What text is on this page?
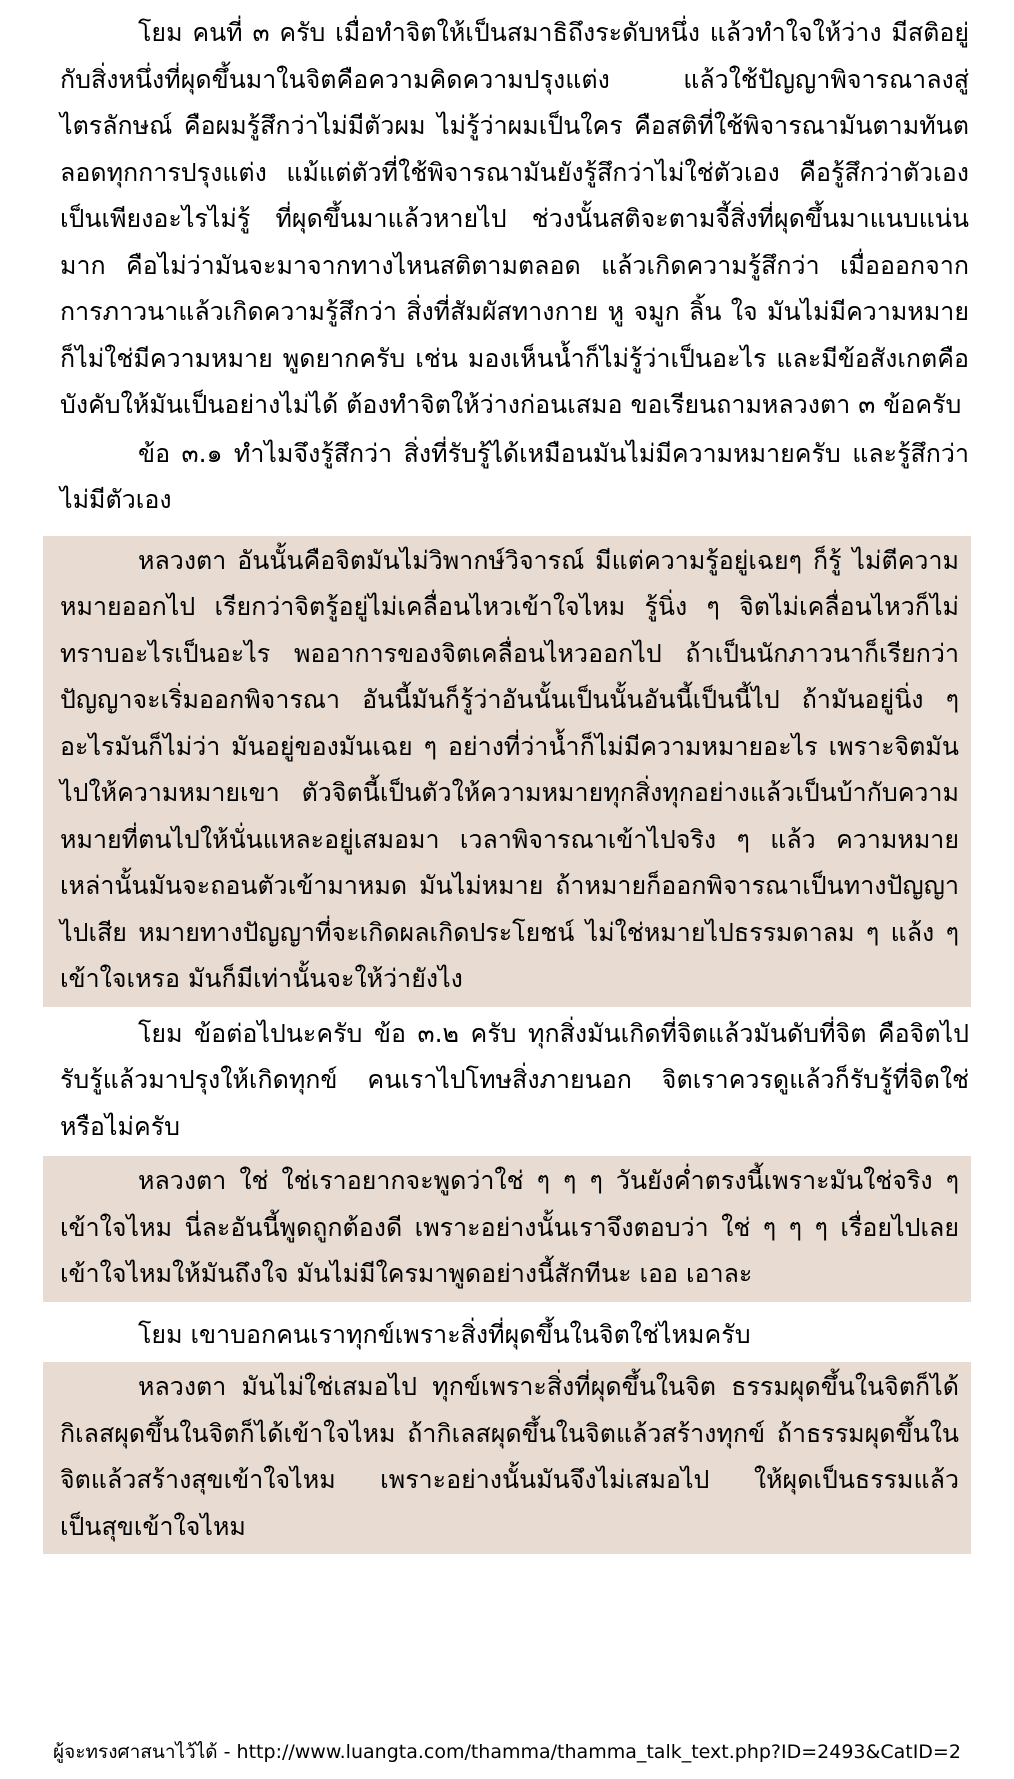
โยม คนที่ ๓ ครับ เมื่อทำจิตให้เป็นสมาธิถึงระดับหนึ่ง แล้วทำใจให้ว่าง มีสติอยู่กับสิ่งหนึ่งที่ผุดขึ้นมาในจิตคือความคิดความปรุงแต่ง แล้วใช้ปัญญาพิจารณาลงสู่ไตรลักษณ์ คือผมรู้สึกว่าไม่มีตัวผม ไม่รู้ว่าผมเป็นใคร คือสติที่ใช้พิจารณามันตามทันตลอดทุกการปรุงแต่ง แม้แต่ตัวที่ใช้พิจารณามันยังรู้สึกว่าไม่ใช่ตัวเอง คือรู้สึกว่าตัวเองเป็นเพียงอะไรไม่รู้ ที่ผุดขึ้นมาแล้วหายไป ช่วงนั้นสติจะตามจี้สิ่งที่ผุดขึ้นมาแนบแน่นมาก คือไม่ว่ามันจะมาจากทางไหนสติตามตลอด แล้วเกิดความรู้สึกว่า เมื่อออกจากการภาวนาแล้วเกิดความรู้สึกว่า สิ่งที่สัมผัสทางกาย หู จมูก ลิ้น ใจ มันไม่มีความหมายก็ไม่ใช่มีความหมาย พูดยากครับ เช่น มองเห็นน้ำก็ไม่รู้ว่าเป็นอะไร และมีข้อสังเกตคือบังคับให้มันเป็นอย่างไม่ได้ ต้องทำจิตให้ว่างก่อนเสมอ ขอเรียนถามหลวงตา ๓ ข้อครับ

ข้อ ๓.๑ ทำไมจึงรู้สึกว่า สิ่งที่รับรู้ได้เหมือนมันไม่มีความหมายครับ และรู้สึกว่าไม่มีตัวเอง

หลวงตา อันนั้นคือจิตมันไม่วิพากษ์วิจารณ์ มีแต่ความรู้อยู่เฉยๆ ก็รู้ ไม่ตีความหมายออกไป เรียกว่าจิตรู้อยู่ไม่เคลื่อนไหวเข้าใจไหม รู้นิ่ง ๆ จิตไม่เคลื่อนไหวก็ไม่ทราบอะไรเป็นอะไร พออาการของจิตเคลื่อนไหวออกไป ถ้าเป็นนักภาวนาก็เรียกว่าปัญญาจะเริ่มออกพิจารณา อันนี้มันก็รู้ว่าอันนั้นเป็นนั้นอันนี้เป็นนี้ไป ถ้ามันอยู่นิ่ง ๆ อะไรมันก็ไม่ว่า มันอยู่ของมันเฉย ๆ อย่างที่ว่าน้ำก็ไม่มีความหมายอะไร เพราะจิตมันไปให้ความหมายเขา ตัวจิตนี้เป็นตัวให้ความหมายทุกสิ่งทุกอย่างแล้วเป็นบ้ากับความหมายที่ตนไปให้นั่นแหละอยู่เสมอมา เวลาพิจารณาเข้าไปจริง ๆ แล้ว ความหมายเหล่านั้นมันจะถอนตัวเข้ามาหมด มันไม่หมาย ถ้าหมายก็ออกพิจารณาเป็นทางปัญญาไปเสีย หมายทางปัญญาที่จะเกิดผลเกิดประโยชน์ ไม่ใช่หมายไปธรรมดาลม ๆ แล้ง ๆ เข้าใจเหรอ มันก็มีเท่านั้นจะให้ว่ายังไง

โยม ข้อต่อไปนะครับ ข้อ ๓.๒ ครับ ทุกสิ่งมันเกิดที่จิตแล้วมันดับที่จิต คือจิตไปรับรู้แล้วมาปรุงให้เกิดทุกข์ คนเราไปโทษสิ่งภายนอก จิตเราควรดูแล้วก็รับรู้ที่จิตใช่หรือไม่ครับ

หลวงตา ใช่ ใช่เราอยากจะพูดว่าใช่ ๆ ๆ ๆ วันยังค่ำตรงนี้เพราะมันใช่จริง ๆ เข้าใจไหม นี่ละอันนี้พูดถูกต้องดี เพราะอย่างนั้นเราจึงตอบว่า ใช่ ๆ ๆ ๆ เรื่อยไปเลยเข้าใจไหมให้มันถึงใจ มันไม่มีใครมาพูดอย่างนี้สักทีนะ เออ เอาละ

โยม เขาบอกคนเราทุกข์เพราะสิ่งที่ผุดขึ้นในจิตใช่ไหมครับ

หลวงตา มันไม่ใช่เสมอไป ทุกข์เพราะสิ่งที่ผุดขึ้นในจิต ธรรมผุดขึ้นในจิตก็ได้ กิเลสผุดขึ้นในจิตก็ได้เข้าใจไหม ถ้ากิเลสผุดขึ้นในจิตแล้วสร้างทุกข์ ถ้าธรรมผุดขึ้นในจิตแล้วสร้างสุขเข้าใจไหม เพราะอย่างนั้นมันจึงไม่เสมอไป ให้ผุดเป็นธรรมแล้วเป็นสุขเข้าใจไหม

ผู้จะทรงศาสนาไว้ได้ - http://www.luangta.com/thamma/thamma_talk_text.php?ID=2493&CatID=2
